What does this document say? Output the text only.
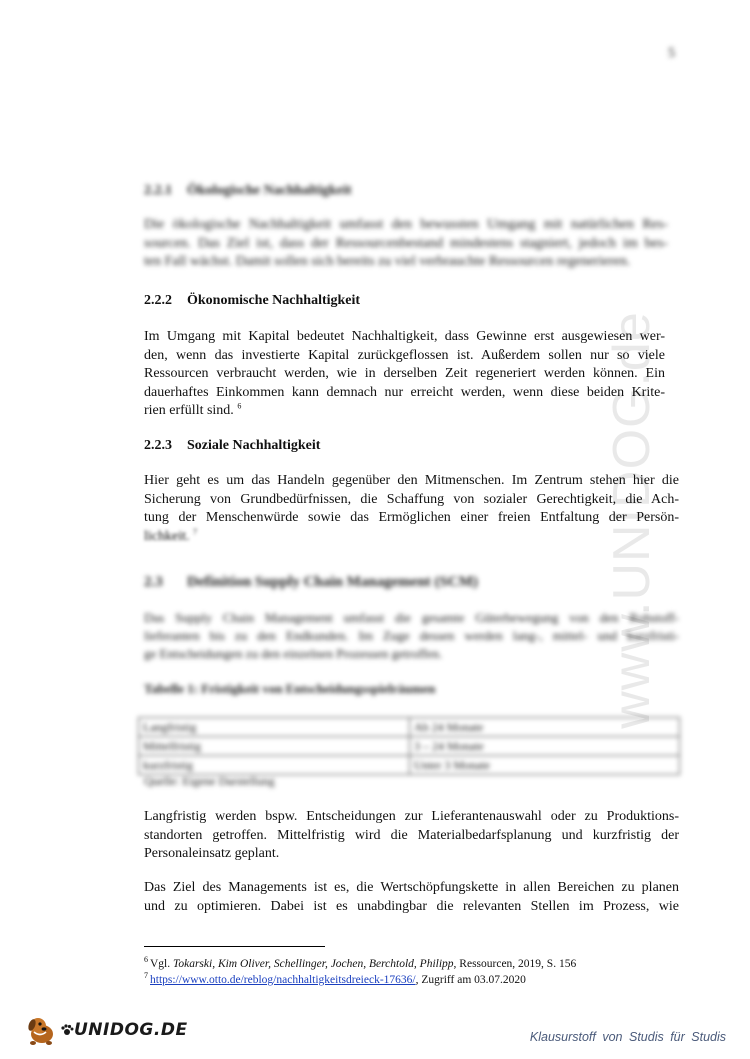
5
www.UNIDOG.de
2.2.1 Ökologische Nachhaltigkeit
Die ökologische Nachhaltigkeit umfasst den bewussten Umgang mit natürlichen Res-
sourcen. Das Ziel ist, dass der Ressourcenbestand mindestens stagniert, jedoch im bes-
ten Fall wächst. Damit sollen sich bereits zu viel verbrauchte Ressourcen regenerieren.
2.2.2 Ökonomische Nachhaltigkeit
Im Umgang mit Kapital bedeutet Nachhaltigkeit, dass Gewinne erst ausgewiesen wer-
den, wenn das investierte Kapital zurückgeflossen ist. Außerdem sollen nur so viele
Ressourcen verbraucht werden, wie in derselben Zeit regeneriert werden können. Ein
dauerhaftes Einkommen kann demnach nur erreicht werden, wenn diese beiden Krite-
rien erfüllt sind. $^6$
2.2.3 Soziale Nachhaltigkeit
Hier geht es um das Handeln gegenüber den Mitmenschen. Im Zentrum stehen hier die
Sicherung von Grundbedürfnissen, die Schaffung von sozialer Gerechtigkeit, die Ach-
tung der Menschenwürde sowie das Ermöglichen einer freien Entfaltung der Persön-
lichkeit. $^7$
2.3 Definition Supply Chain Management (SCM)
Das Supply Chain Management umfasst die gesamte Güterbewegung von den Rohstoff-
lieferanten bis zu den Endkunden. Im Zuge dessen werden lang-, mittel- und kurzfristi-
ge Entscheidungen zu den einzelnen Prozessen getroffen.
Tabelle 1: Fristigkeit von Entscheidungsspielräumen
Langfristig	Ab 24 Monate
Mittelfristig	3 – 24 Monate
kurzfristig	Unter 3 Monate
Quelle: Eigene Darstellung
Langfristig werden bspw. Entscheidungen zur Lieferantenauswahl oder zu Produktions-
standorten getroffen. Mittelfristig wird die Materialbedarfsplanung und kurzfristig der
Personaleinsatz geplant.
Das Ziel des Managements ist es, die Wertschöpfungskette in allen Bereichen zu planen
und zu optimieren. Dabei ist es unabdingbar die relevanten Stellen im Prozess, wie
$^6$ Vgl. Tokarski, Kim Oliver, Schellinger, Jochen, Berchtold, Philipp, Ressourcen, 2019, S. 156
$^7$ https://www.otto.de/reblog/nachhaltigkeitsdreieck-17636/, Zugriff am 03.07.2020
UNIDOG.DE	Klausurstoff von Studis für Studis
